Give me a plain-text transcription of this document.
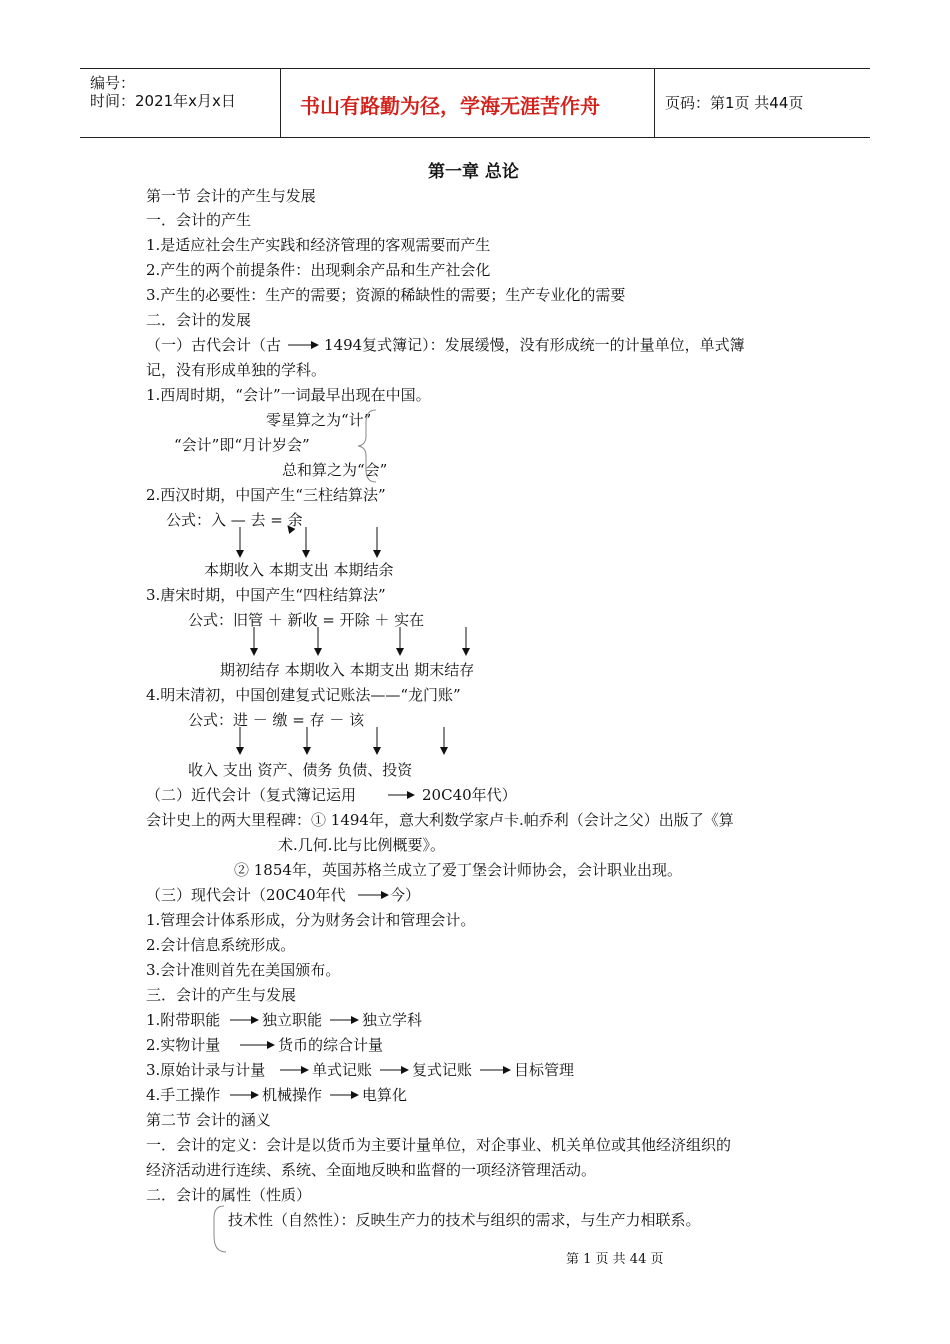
编号：
时间：2021年x月x日	书山有路勤为径，学海无涯苦作舟	页码：第1页 共44页
第一章 总论
第一节 会计的产生与发展
一．会计的产生
1.是适应社会生产实践和经济管理的客观需要而产生
2.产生的两个前提条件：出现剩余产品和生产社会化
3.产生的必要性：生产的需要；资源的稀缺性的需要；生产专业化的需要
二．会计的发展
（一）古代会计（古	1494复式簿记）：发展缓慢，没有形成统一的计量单位，单式簿
记，没有形成单独的学科。
1.西周时期，“会计”一词最早出现在中国。
零星算之为“计”
“会计”即“月计岁会”
总和算之为“会”
2.西汉时期，中国产生“三柱结算法”
公式：入 — 去 = 余
本期收入 本期支出 本期结余
3.唐宋时期，中国产生“四柱结算法”
公式：旧管 ＋ 新收 = 开除 ＋ 实在
期初结存 本期收入 本期支出 期末结存
4.明末清初，中国创建复式记账法——“龙门账”
公式：进 － 缴 = 存 － 该
收入 支出 资产、债务 负债、投资
（二）近代会计（复式簿记运用	20C40年代）
会计史上的两大里程碑：① 1494年，意大利数学家卢卡.帕乔利（会计之父）出版了《算
术.几何.比与比例概要》。
② 1854年，英国苏格兰成立了爱丁堡会计师协会，会计职业出现。
（三）现代会计（20C40年代	今）
1.管理会计体系形成，分为财务会计和管理会计。
2.会计信息系统形成。
3.会计准则首先在美国颁布。
三．会计的产生与发展
1.附带职能	独立职能	独立学科
2.实物计量	货币的综合计量
3.原始计录与计量	单式记账	复式记账	目标管理
4.手工操作	机械操作	电算化
第二节 会计的涵义
一．会计的定义：会计是以货币为主要计量单位，对企事业、机关单位或其他经济组织的
经济活动进行连续、系统、全面地反映和监督的一项经济管理活动。
二．会计的属性（性质）
技术性（自然性）：反映生产力的技术与组织的需求，与生产力相联系。
第 1 页 共 44 页
